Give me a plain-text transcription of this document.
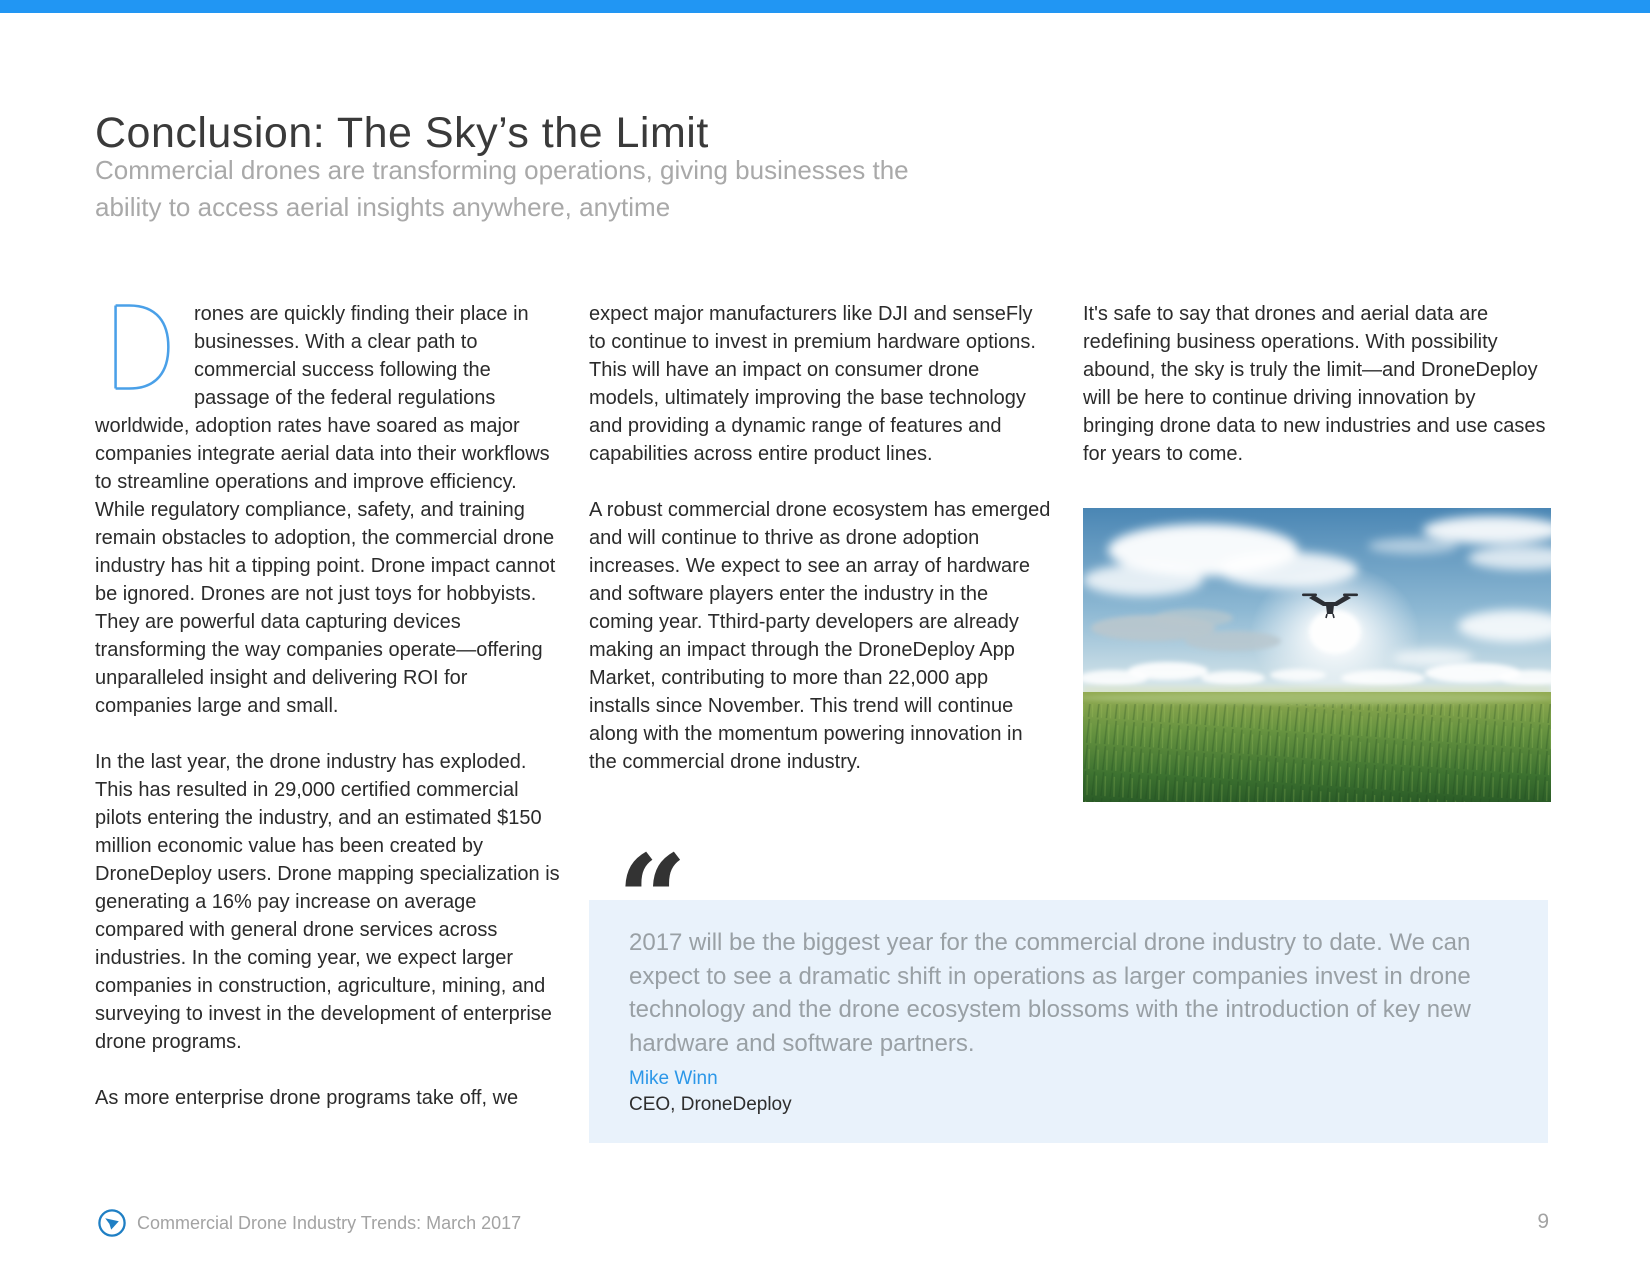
Conclusion: The Sky’s the Limit
Commercial drones are transforming operations, giving businesses the ability to access aerial insights anywhere, anytime

rones are quickly finding their place in businesses. With a clear path to commercial success following the passage of the federal regulations worldwide, adoption rates have soared as major companies integrate aerial data into their workflows to streamline operations and improve efficiency. While regulatory compliance, safety, and training remain obstacles to adoption, the commercial drone industry has hit a tipping point. Drone impact cannot be ignored. Drones are not just toys for hobbyists. They are powerful data capturing devices transforming the way companies operate—offering unparalleled insight and delivering ROI for companies large and small.

In the last year, the drone industry has exploded. This has resulted in 29,000 certified commercial pilots entering the industry, and an estimated $150 million economic value has been created by DroneDeploy users. Drone mapping specialization is generating a 16% pay increase on average compared with general drone services across industries. In the coming year, we expect larger companies in construction, agriculture, mining, and surveying to invest in the development of enterprise drone programs.

As more enterprise drone programs take off, we

expect major manufacturers like DJI and senseFly to continue to invest in premium hardware options. This will have an impact on consumer drone models, ultimately improving the base technology and providing a dynamic range of features and capabilities across entire product lines.

A robust commercial drone ecosystem has emerged and will continue to thrive as drone adoption increases. We expect to see an array of hardware and software players enter the industry in the coming year. Tthird-party developers are already making an impact through the DroneDeploy App Market, contributing to more than 22,000 app installs since November. This trend will continue along with the momentum powering innovation in the commercial drone industry.

It's safe to say that drones and aerial data are redefining business operations. With possibility abound, the sky is truly the limit—and DroneDeploy will be here to continue driving innovation by bringing drone data to new industries and use cases for years to come.

“
2017 will be the biggest year for the commercial drone industry to date. We can expect to see a dramatic shift in operations as larger companies invest in drone technology and the drone ecosystem blossoms with the introduction of key new hardware and software partners.
Mike Winn
CEO, DroneDeploy
Commercial Drone Industry Trends: March 2017	9
